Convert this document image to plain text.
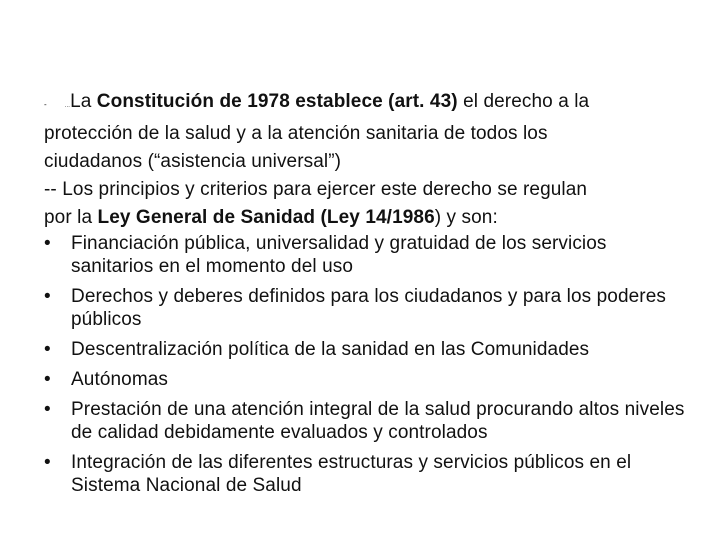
-	...La Constitución de 1978 establece (art. 43) el derecho a la
protección de la salud y a la atención sanitaria de todos los
ciudadanos (“asistencia universal”)
-- Los principios y criterios para ejercer este derecho se regulan
por la Ley General de Sanidad (Ley 14/1986) y son:
• Financiación pública, universalidad y gratuidad de los servicios sanitarios en el momento del uso
• Derechos y deberes definidos para los ciudadanos y para los poderes públicos
• Descentralización política de la sanidad en las Comunidades
• Autónomas
• Prestación de una atención integral de la salud procurando altos niveles de calidad debidamente evaluados y controlados
• Integración de las diferentes estructuras y servicios públicos en el Sistema Nacional de Salud
